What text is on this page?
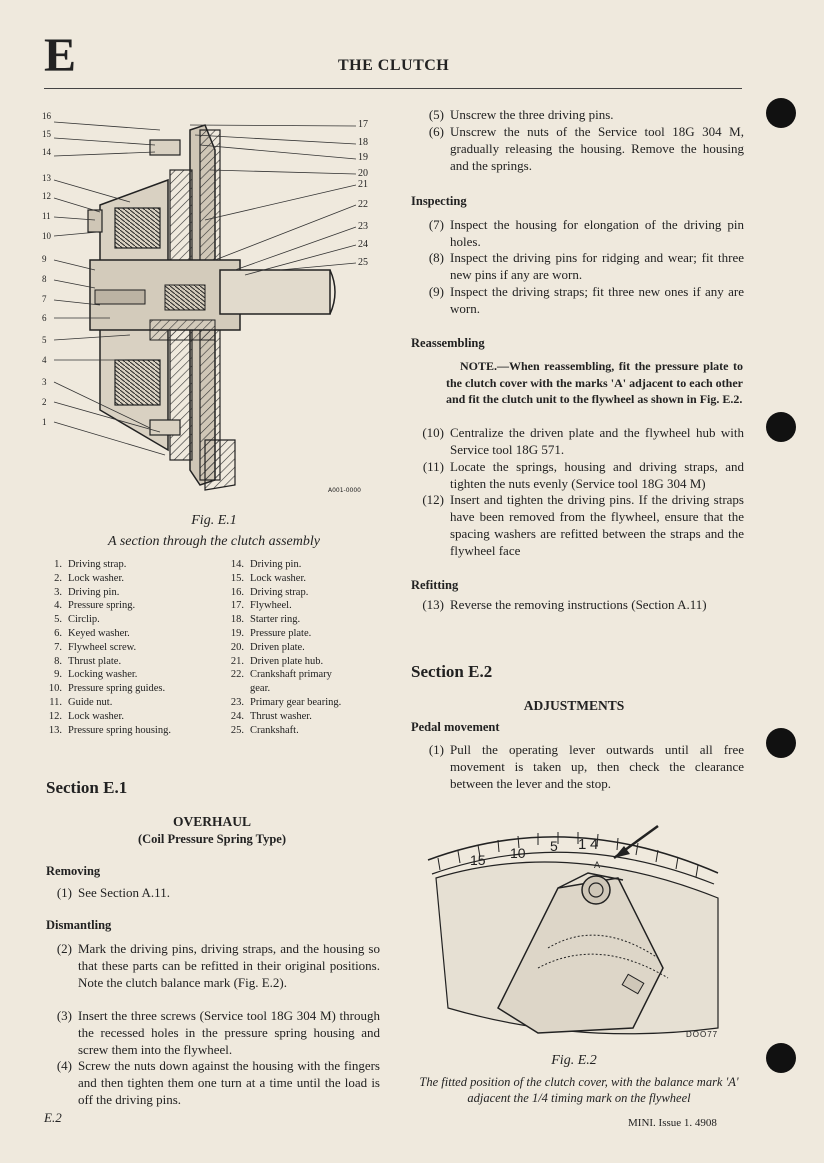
E	THE CLUTCH
16
15
14
13
12
11
10
9
8
7
6
5
4
3
2
1
17
18
19
20
21
22
23
24
25
A001-0000
Fig. E.1
A section through the clutch assembly
1. Driving strap.
2. Lock washer.
3. Driving pin.
4. Pressure spring.
5. Circlip.
6. Keyed washer.
7. Flywheel screw.
8. Thrust plate.
9. Locking washer.
10. Pressure spring guides.
11. Guide nut.
12. Lock washer.
13. Pressure spring housing.
14. Driving pin.
15. Lock washer.
16. Driving strap.
17. Flywheel.
18. Starter ring.
19. Pressure plate.
20. Driven plate.
21. Driven plate hub.
22. Crankshaft primary
gear.
23. Primary gear bearing.
24. Thrust washer.
25. Crankshaft.
Section E.1
OVERHAUL
(Coil Pressure Spring Type)
Removing
(1) See Section A.11.
Dismantling
(2) Mark the driving pins, driving straps, and the housing so that these parts can be refitted in their original positions. Note the clutch balance mark (Fig. E.2).
(3) Insert the three screws (Service tool 18G 304 M) through the recessed holes in the pressure spring housing and screw them into the flywheel.
(4) Screw the nuts down against the housing with the fingers and then tighten them one turn at a time until the load is off the driving pins.
(5) Unscrew the three driving pins.
(6) Unscrew the nuts of the Service tool 18G 304 M, gradually releasing the housing. Remove the housing and the springs.
Inspecting
(7) Inspect the housing for elongation of the driving pin holes.
(8) Inspect the driving pins for ridging and wear; fit three new pins if any are worn.
(9) Inspect the driving straps; fit three new ones if any are worn.
Reassembling
NOTE.—When reassembling, fit the pressure plate to the clutch cover with the marks 'A' adjacent to each other and fit the clutch unit to the flywheel as shown in Fig. E.2.
(10) Centralize the driven plate and the flywheel hub with Service tool 18G 571.
(11) Locate the springs, housing and driving straps, and tighten the nuts evenly (Service tool 18G 304 M)
(12) Insert and tighten the driving pins. If the driving straps have been removed from the flywheel, ensure that the spacing washers are refitted between the straps and the flywheel face
Refitting
(13) Reverse the removing instructions (Section A.11)
Section E.2
ADJUSTMENTS
Pedal movement
(1) Pull the operating lever outwards until all free movement is taken up, then check the clearance between the lever and the stop.
15 10 5 1 4
A
DOO77
Fig. E.2
The fitted position of the clutch cover, with the balance mark 'A' adjacent the 1/4 timing mark on the flywheel
E.2	MINI. Issue 1. 4908
